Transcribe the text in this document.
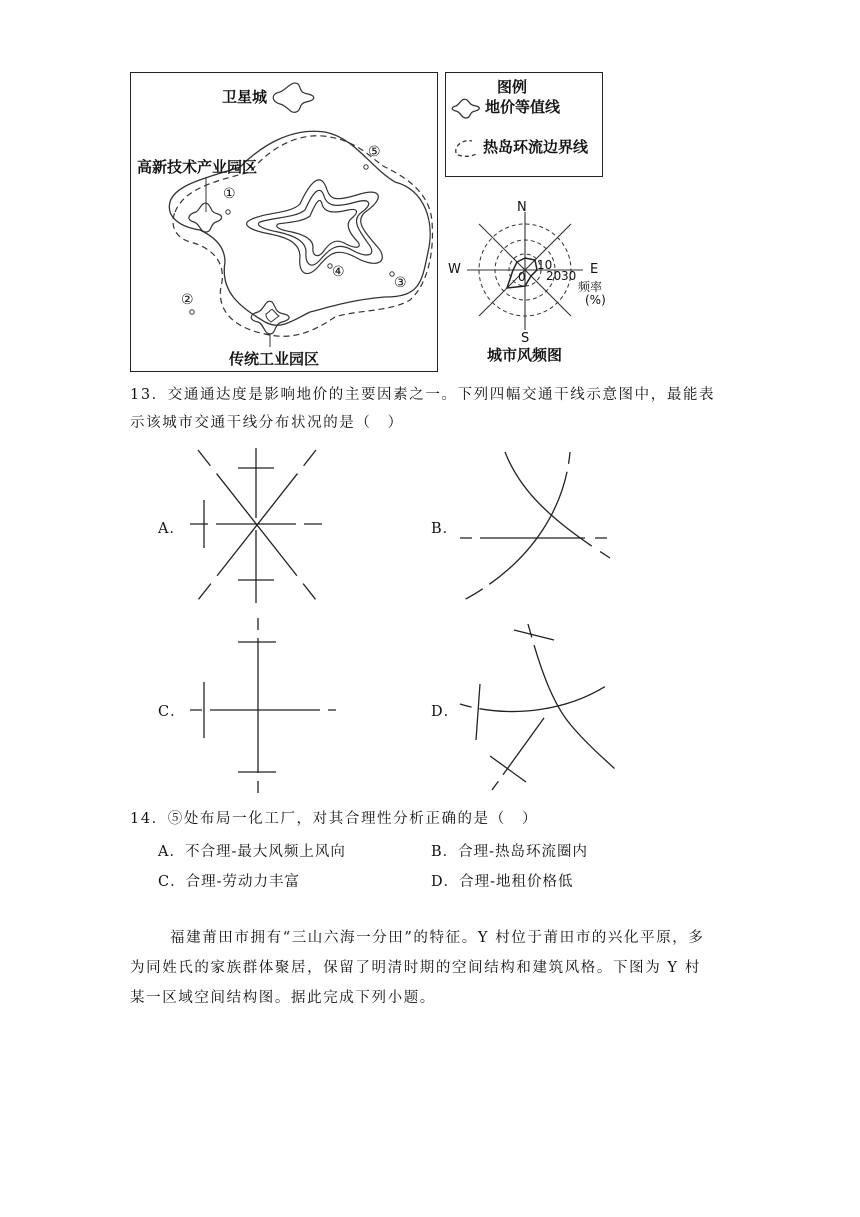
卫星城
高新技术产业园区
传统工业园区
①
②
③
④
⑤
图例
地价等值线
热岛环流边界线
N
S
E
W	0
10
20 30
频率
(%)
城市风频图
13．交通通达度是影响地价的主要因素之一。下列四幅交通干线示意图中，最能表
示该城市交通干线分布状况的是（　）
A．	B．
C．	D．
14．⑤处布局一化工厂，对其合理性分析正确的是（　）
A．不合理-最大风频上风向	B．合理-热岛环流圈内
C．合理-劳动力丰富	D．合理-地租价格低
福建莆田市拥有“三山六海一分田”的特征。Y 村位于莆田市的兴化平原，多
为同姓氏的家族群体聚居，保留了明清时期的空间结构和建筑风格。下图为 Y 村
某一区域空间结构图。据此完成下列小题。
